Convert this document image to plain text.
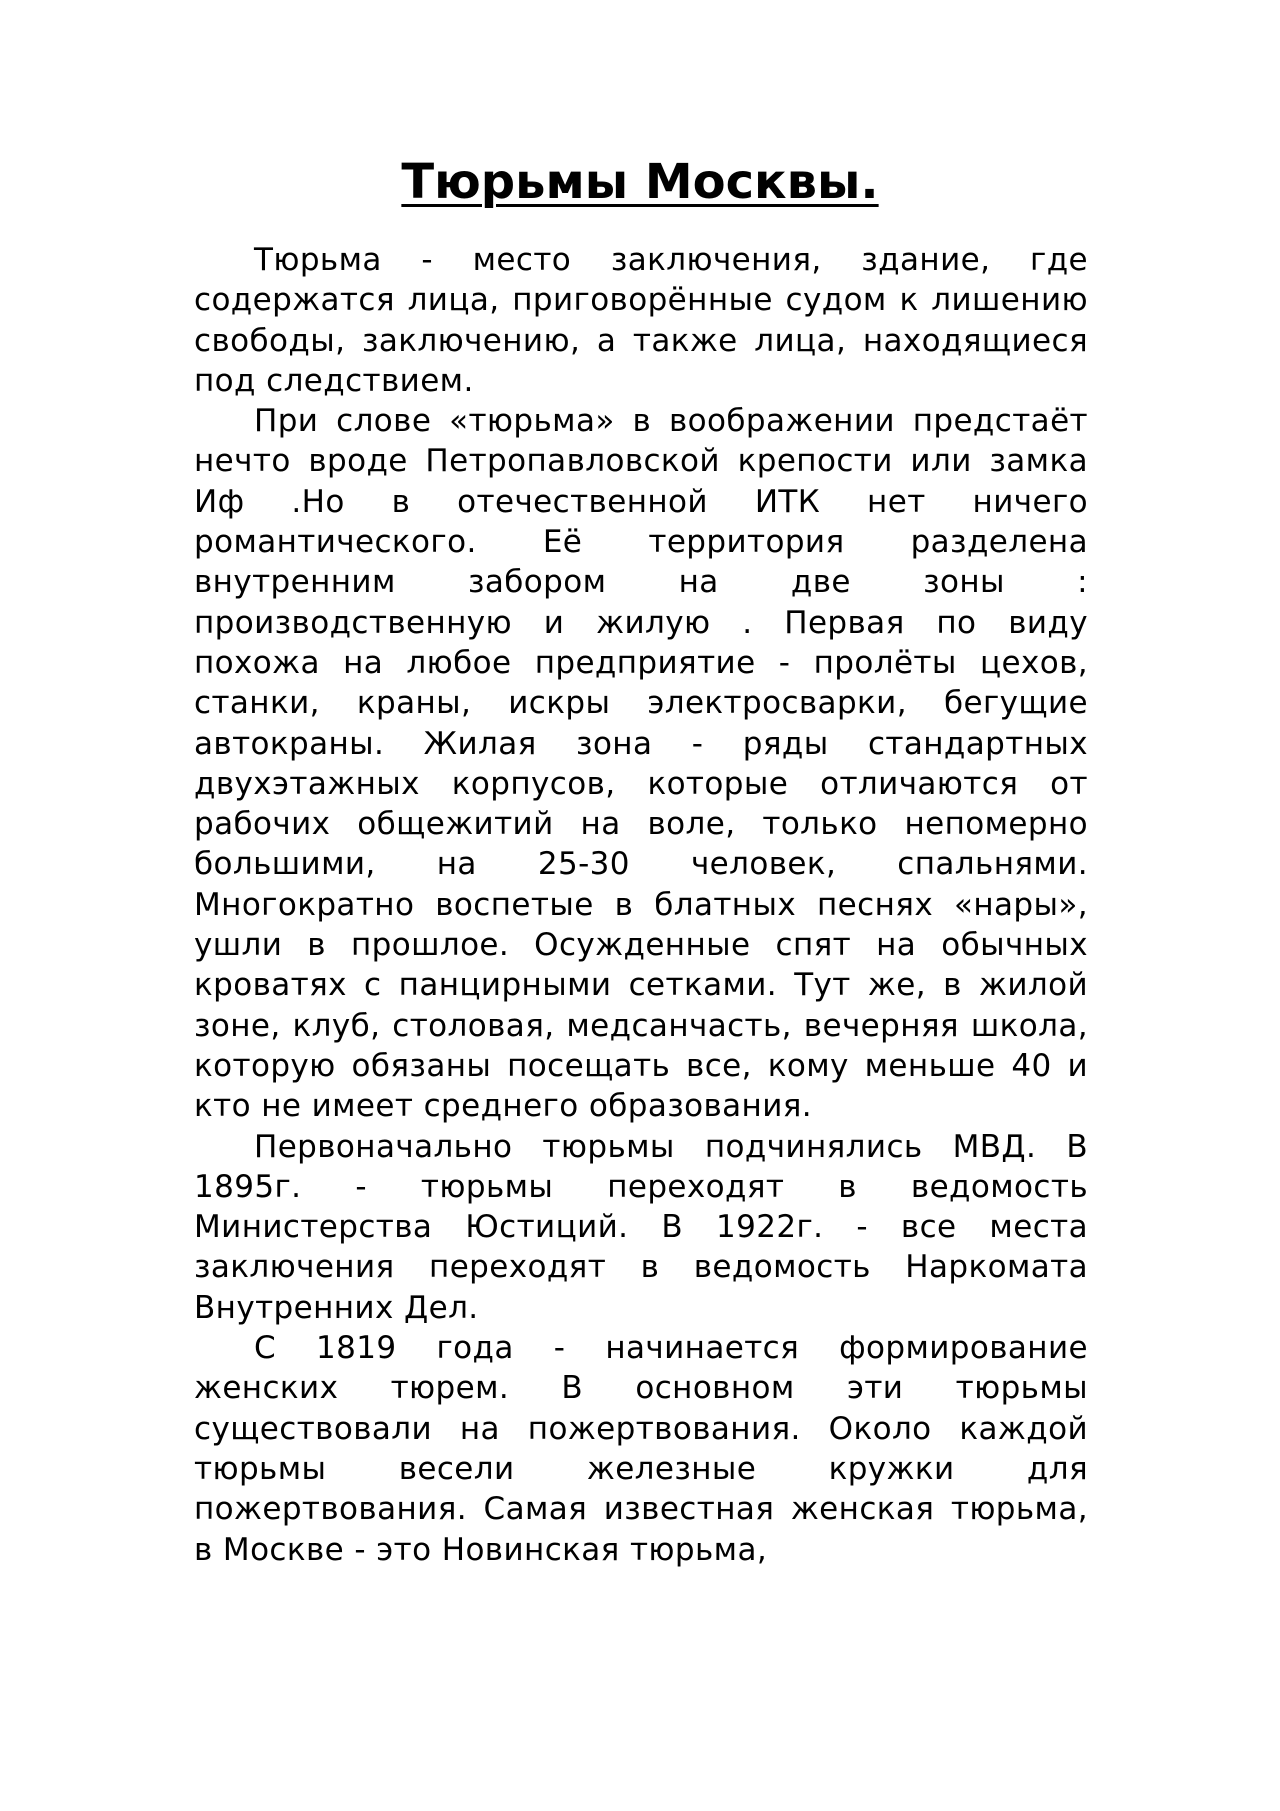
Тюрьмы Москвы.

Тюрьма - место заключения, здание, где содержатся лица, приговорённые судом к лишению свободы, заключению, а также лица, находящиеся под следствием.

При слове «тюрьма» в воображении предстаёт нечто вроде Петропавловской крепости или замка Иф .Но в отечественной ИТК нет ничего романтического. Её территория разделена внутренним забором на две зоны : производственную и жилую . Первая по виду похожа на любое предприятие - пролёты цехов, станки, краны, искры электросварки, бегущие автокраны. Жилая зона - ряды стандартных двухэтажных корпусов, которые отличаются от рабочих общежитий на воле, только непомерно большими, на 25-30 человек, спальнями. Многократно воспетые в блатных песнях «нары», ушли в прошлое. Осужденные спят на обычных кроватях с панцирными сетками. Тут же, в жилой зоне, клуб, столовая, медсанчасть, вечерняя школа, которую обязаны посещать все, кому меньше 40 и кто не имеет среднего образования.

Первоначально тюрьмы подчинялись МВД. В 1895г. - тюрьмы переходят в ведомость Министерства Юстиций. В 1922г. - все места заключения переходят в ведомость Наркомата Внутренних Дел.

С 1819 года - начинается формирование женских тюрем. В основном эти тюрьмы существовали на пожертвования. Около каждой тюрьмы весели железные кружки для пожертвования. Самая известная женская тюрьма, в Москве - это Новинская тюрьма,
